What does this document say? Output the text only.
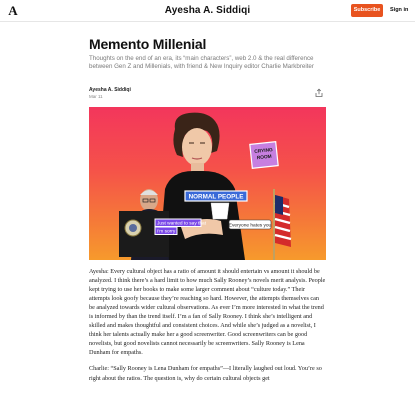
A	Ayesha A. Siddiqi	Subscribe	Sign in
Memento Millenial
Thoughts on the end of an era, its “main characters”, web 2.0 & the real difference between Gen Z and Millenials, with friend & New Inquiry editor Charlie Markbreiter
Ayesha A. Siddiqi
Mar 11
NORMAL PEOPLE
Just wanted to say that
I'm sorry
Everyone hates you
CRYING
ROOM

Ayesha: Every cultural object has a ratio of amount it should entertain vs amount it should be analyzed. I think there’s a hard limit to how much Sally Rooney’s novels merit analysis. People kept trying to use her books to make some larger comment about “culture today.” Their attempts look goofy because they’re reaching so hard. However, the attempts themselves can be analyzed towards wider cultural observations. As ever I’m more interested in what the trend is informed by than the trend itself. I’m a fan of Sally Rooney. I think she’s intelligent and skilled and makes thoughtful and consistent choices. And while she’s judged as a novelist, I think her talents actually make her a good screenwriter. Good screenwriters can be good novelists, but good novelists cannot necessarily be screenwriters. Sally Rooney is Lena Dunham for empaths.

Charlie: “Sally Rooney is Lena Dunham for empaths”—I literally laughed out loud. You’re so right about the ratios. The question is, why do certain cultural objects get
